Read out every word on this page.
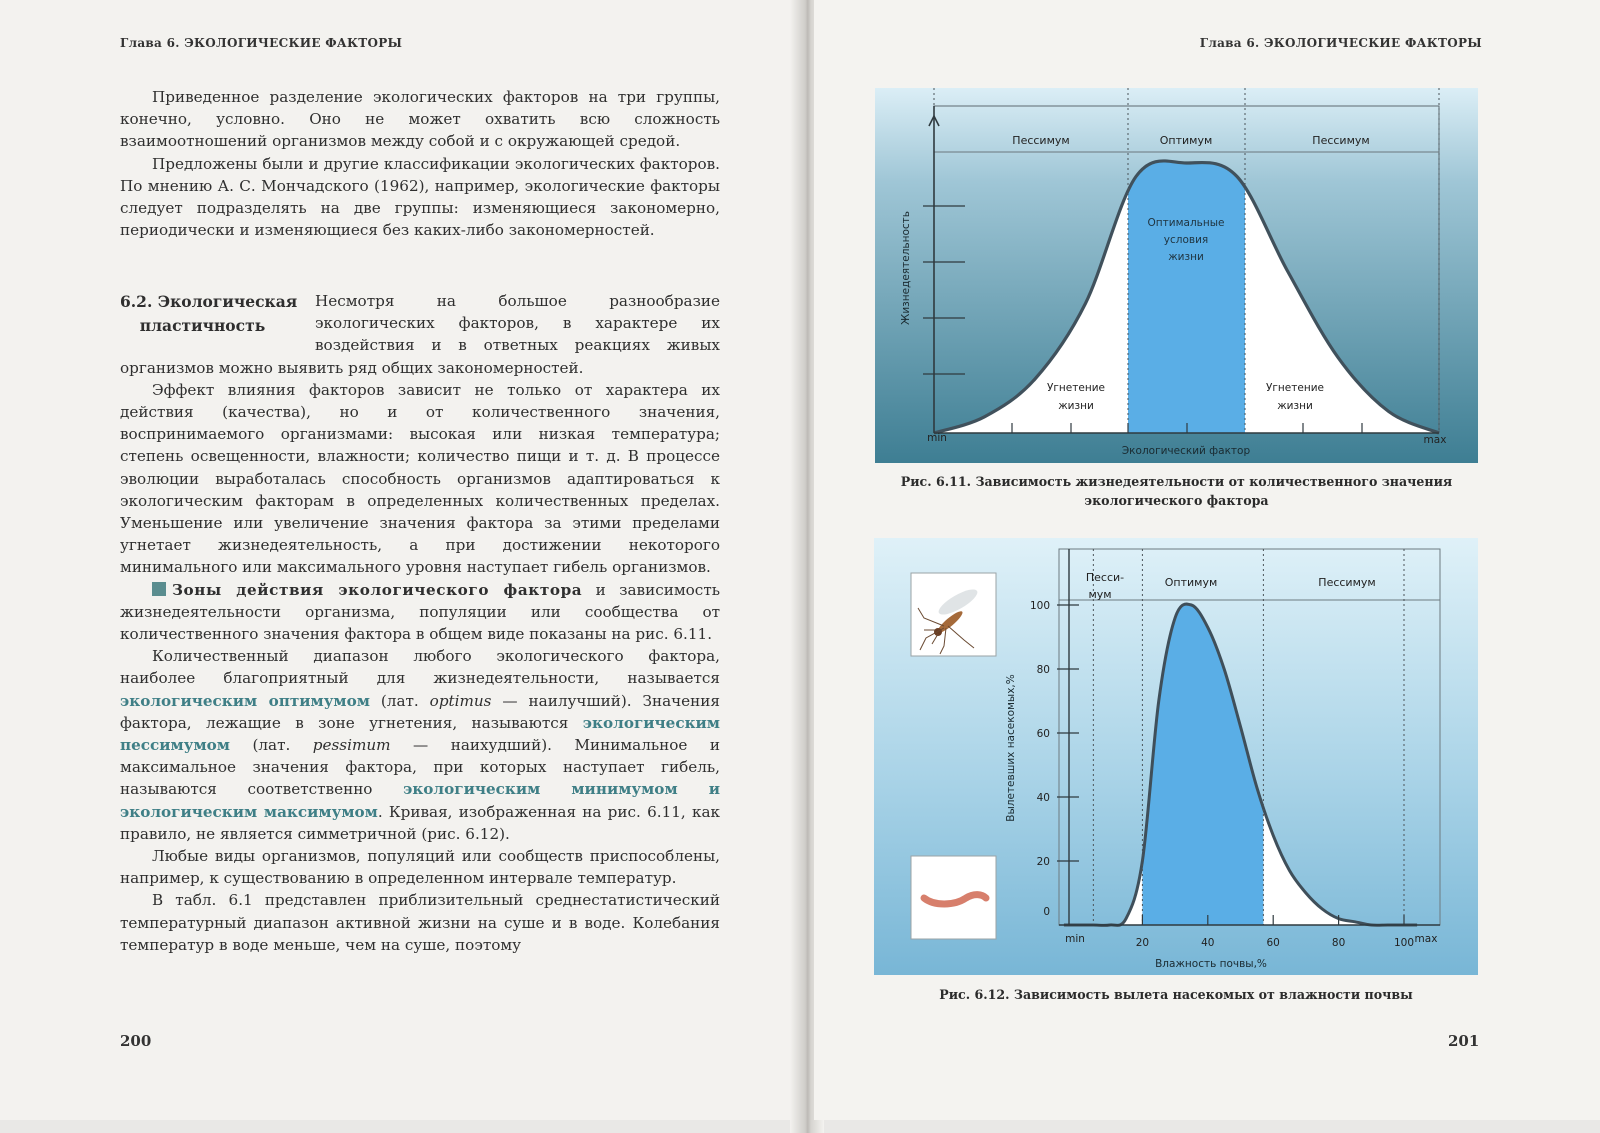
Глава 6. ЭКОЛОГИЧЕСКИЕ ФАКТОРЫ

Приведенное разделение экологических факторов на три группы, конечно, условно. Оно не может охватить всю сложность взаимоотношений организмов между собой и с окружающей средой.

Предложены были и другие классификации экологических факторов. По мнению А. С. Мончадского (1962), например, экологические факторы следует подразделять на две группы: изменяющиеся закономерно, периодически и изменяющиеся без каких-либо закономерностей.

6.2. Экологическая
пластичность

Несмотря на большое разнообразие экологических факторов, в характере их воздействия и в ответных реакциях живых организмов можно выявить ряд общих закономерностей.

Эффект влияния факторов зависит не только от характера их действия (качества), но и от количественного значения, воспринимаемого организмами: высокая или низкая температура; степень освещенности, влажности; количество пищи и т. д. В процессе эволюции выработалась способность организмов адаптироваться к экологическим факторам в определенных количественных пределах. Уменьшение или увеличение значения фактора за этими пределами угнетает жизнедеятельность, а при достижении некоторого минимального или максимального уровня наступает гибель организмов.

Зоны действия экологического фактора и зависимость жизнедеятельности организма, популяции или сообщества от количественного значения фактора в общем виде показаны на рис. 6.11.

Количественный диапазон любого экологического фактора, наиболее благоприятный для жизнедеятельности, называется экологическим оптимумом (лат. optimus — наилучший). Значения фактора, лежащие в зоне угнетения, называются экологическим пессимумом (лат. pessimum — наихудший). Минимальное и максимальное значения фактора, при которых наступает гибель, называются соответственно экологическим минимумом и экологическим максимумом. Кривая, изображенная на рис. 6.11, как правило, не является симметричной (рис. 6.12).

Любые виды организмов, популяций или сообществ приспособлены, например, к существованию в определенном интервале температур.

В табл. 6.1 представлен приблизительный среднестатистический температурный диапазон активной жизни на суше и в воде. Колебания температур в воде меньше, чем на суше, поэтому

200
Глава 6. ЭКОЛОГИЧЕСКИЕ ФАКТОРЫ
Пессимум	Оптимум	Пессимум
Оптимальные
условия
жизни
Угнетение
жизни
Угнетение
жизни
min	max
Экологический фактор
Жизнедеятельность
Рис. 6.11. Зависимость жизнедеятельности от количественного значения
экологического фактора
0
20
40
60
80
100
min	20	40	60	80	100 max
Песси-
мум
Оптимум	Пессимум
Вылетевших насекомых,%
Влажность почвы,%
Рис. 6.12. Зависимость вылета насекомых от влажности почвы
201
